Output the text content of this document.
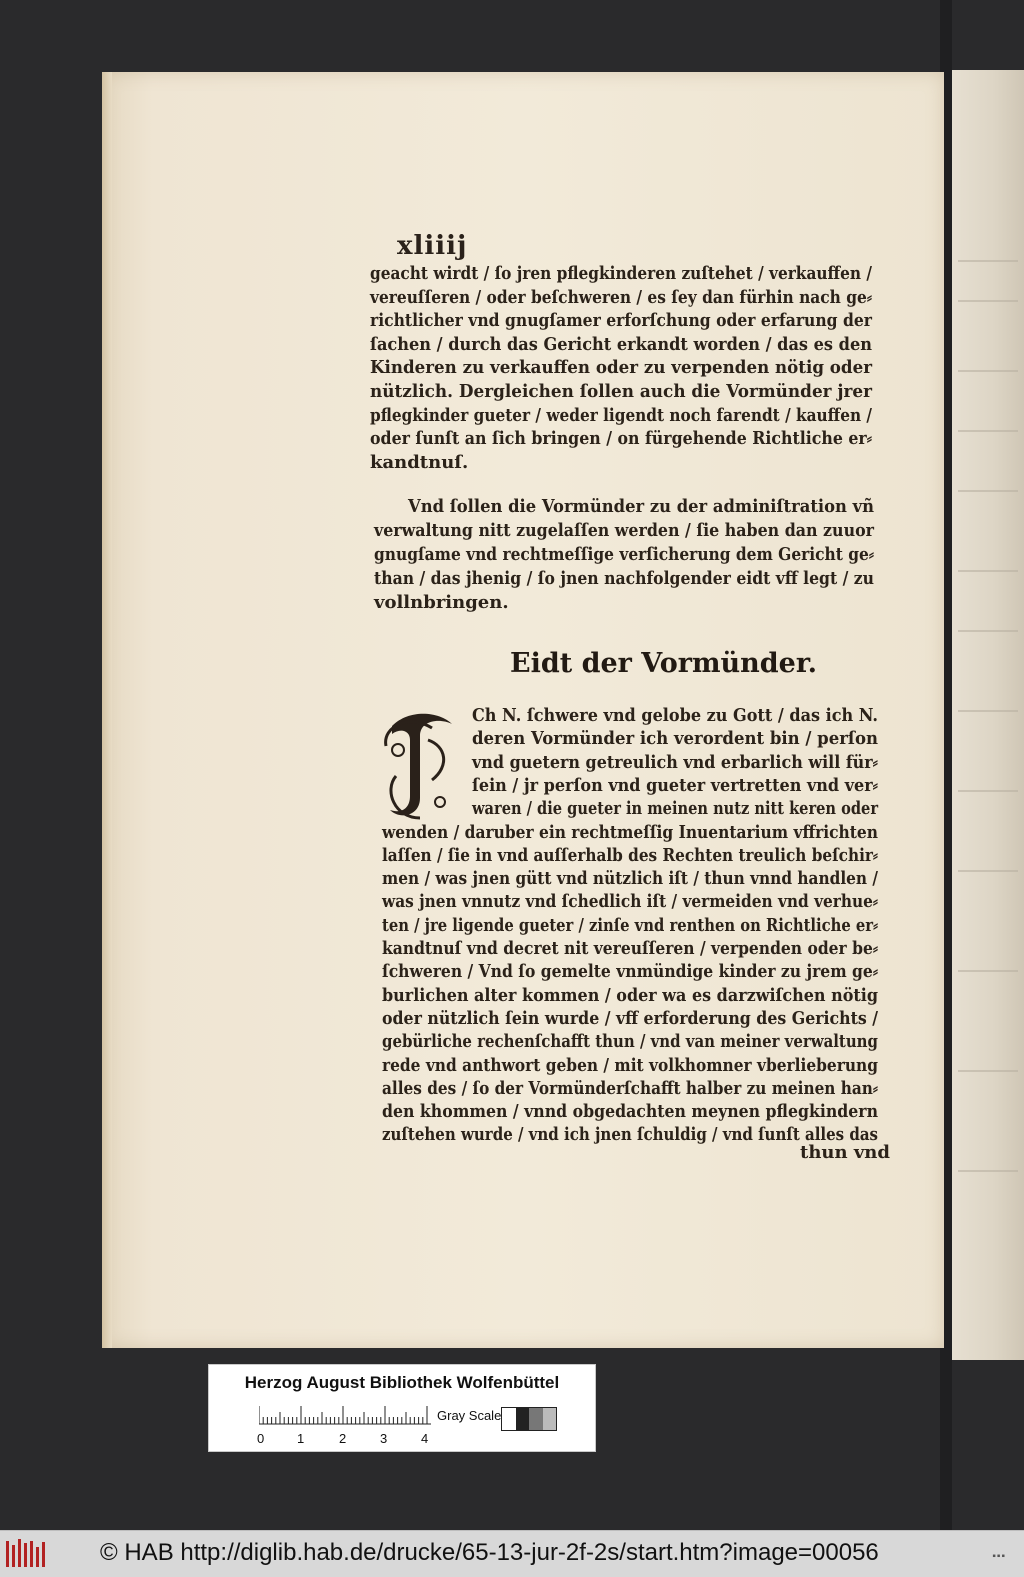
xliiij
geacht wirdt / ſo jren pflegkinderen zuſtehet / verkauffen /
vereuſſeren / oder beſchweren / es ſey dan fürhin nach ge⸗
richtlicher vnd gnugſamer erforſchung oder erfarung der
ſachen / durch das Gericht erkandt worden / das es den
Kinderen zu verkauffen oder zu verpenden nötig oder
nützlich. Dergleichen ſollen auch die Vormünder jrer
pflegkinder gueter / weder ligendt noch farendt / kauffen /
oder ſunſt an ſich bringen / on fürgehende Richtliche er⸗
kandtnuſ.
Vnd ſollen die Vormünder zu der adminiſtration vñ
verwaltung nitt zugelaſſen werden / ſie haben dan zuuor
gnugſame vnd rechtmeſſige verſicherung dem Gericht ge⸗
than / das jhenig / ſo jnen nachfolgender eidt vff legt / zu
vollnbringen.
Eidt der Vormünder.
Ch N. ſchwere vnd gelobe zu Gott / das ich N.
deren Vormünder ich verordent bin / perſon
vnd guetern getreulich vnd erbarlich will für⸗
ſein / jr perſon vnd gueter vertretten vnd ver⸗
waren / die gueter in meinen nutz nitt keren oder
wenden / daruber ein rechtmeſſig Inuentarium vffrichten
laſſen / ſie in vnd auſſerhalb des Rechten treulich beſchir⸗
men / was jnen gütt vnd nützlich iſt / thun vnnd handlen /
was jnen vnnutz vnd ſchedlich iſt / vermeiden vnd verhue⸗
ten / jre ligende gueter / zinſe vnd renthen on Richtliche er⸗
kandtnuſ vnd decret nit vereuſſeren / verpenden oder be⸗
ſchweren / Vnd ſo gemelte vnmündige kinder zu jrem ge⸗
burlichen alter kommen / oder wa es darzwiſchen nötig
oder nützlich ſein wurde / vff erforderung des Gerichts /
gebürliche rechenſchafft thun / vnd van meiner verwaltung
rede vnd anthwort geben / mit volkhomner vberlieberung
alles des / ſo der Vormünderſchafft halber zu meinen han⸗
den khommen / vnnd obgedachten meynen pflegkindern
zuſtehen wurde / vnd ich jnen ſchuldig / vnd ſunſt alles das
thun vnd
Herzog August Bibliothek Wolfenbüttel
0	1	2	3	4
Gray Scale
© HAB http://diglib.hab.de/drucke/65-13-jur-2f-2s/start.htm?image=00056	▪▪▪
